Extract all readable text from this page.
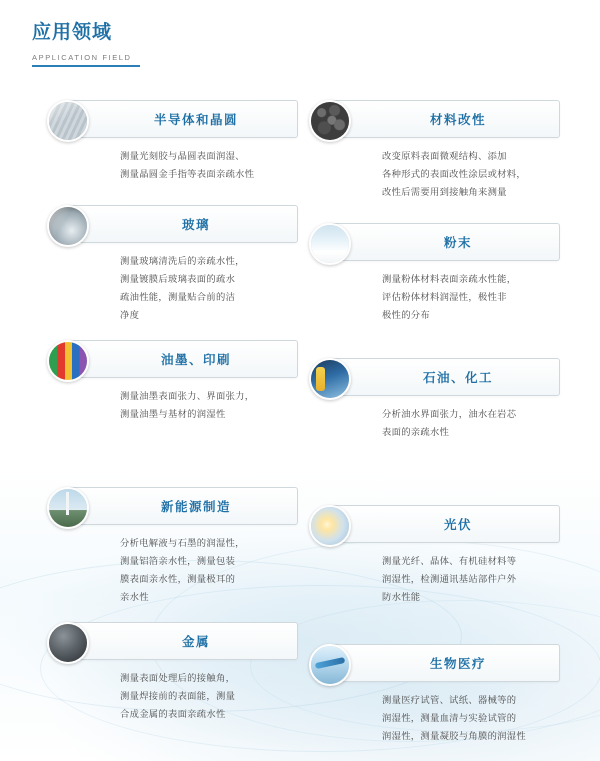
应用领域
APPLICATION FIELD
半导体和晶圆

测量光刻胶与晶圆表面润湿、

测量晶圆金手指等表面亲疏水性

玻璃

测量玻璃清洗后的亲疏水性，

测量镀膜后玻璃表面的疏水

疏油性能，测量贴合前的洁

净度

油墨、印刷

测量油墨表面张力、界面张力，

测量油墨与基材的润湿性

新能源制造

分析电解液与石墨的润湿性，

测量铝箔亲水性，测量包装

膜表面亲水性，测量极耳的

亲水性

金属

测量表面处理后的接触角，

测量焊接前的表面能，测量

合成金属的表面亲疏水性

材料改性

改变原料表面微观结构、添加

各种形式的表面改性涂层或材料，

改性后需要用到接触角来测量

粉末

测量粉体材料表面亲疏水性能，

评估粉体材料润湿性，极性非

极性的分布

石油、化工

分析油水界面张力，油水在岩芯

表面的亲疏水性

光伏

测量光纤、晶体、有机硅材料等

润湿性，检测通讯基站部件户外

防水性能

生物医疗

测量医疗试管、试纸、器械等的

润湿性，测量血清与实验试管的

润湿性，测量凝胶与角膜的润湿性
